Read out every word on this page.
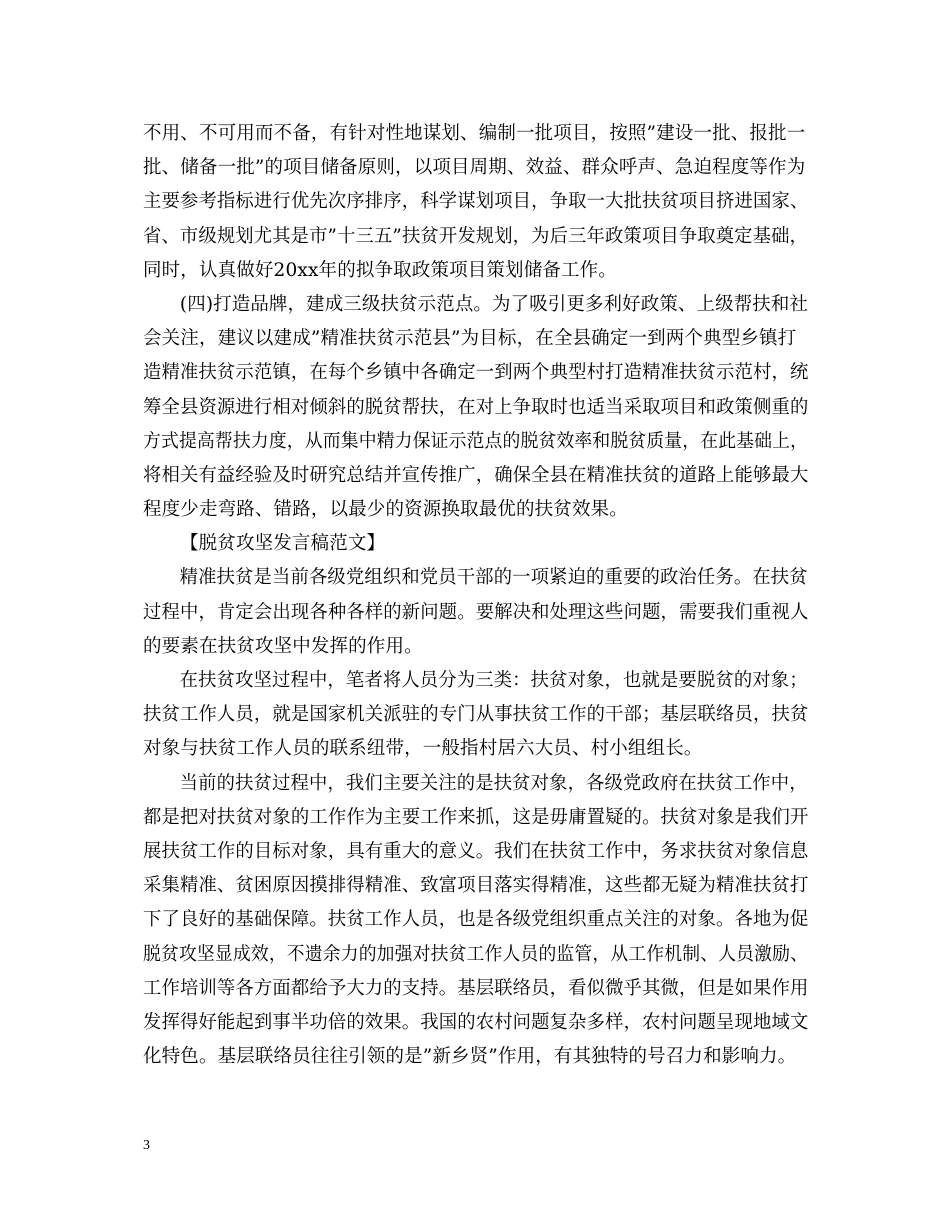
不用、不可用而不备，有针对性地谋划、编制一批项目，按照”建设一批、报批一
批、储备一批”的项目储备原则，以项目周期、效益、群众呼声、急迫程度等作为
主要参考指标进行优先次序排序，科学谋划项目，争取一大批扶贫项目挤进国家、
省、市级规划尤其是市”十三五”扶贫开发规划，为后三年政策项目争取奠定基础，
同时，认真做好20xx年的拟争取政策项目策划储备工作。
(四)打造品牌，建成三级扶贫示范点。为了吸引更多利好政策、上级帮扶和社
会关注，建议以建成”精准扶贫示范县”为目标，在全县确定一到两个典型乡镇打
造精准扶贫示范镇，在每个乡镇中各确定一到两个典型村打造精准扶贫示范村，统
筹全县资源进行相对倾斜的脱贫帮扶，在对上争取时也适当采取项目和政策侧重的
方式提高帮扶力度，从而集中精力保证示范点的脱贫效率和脱贫质量，在此基础上，
将相关有益经验及时研究总结并宣传推广，确保全县在精准扶贫的道路上能够最大
程度少走弯路、错路，以最少的资源换取最优的扶贫效果。
【脱贫攻坚发言稿范文】
精准扶贫是当前各级党组织和党员干部的一项紧迫的重要的政治任务。在扶贫
过程中，肯定会出现各种各样的新问题。要解决和处理这些问题，需要我们重视人
的要素在扶贫攻坚中发挥的作用。
在扶贫攻坚过程中，笔者将人员分为三类：扶贫对象，也就是要脱贫的对象；
扶贫工作人员，就是国家机关派驻的专门从事扶贫工作的干部；基层联络员，扶贫
对象与扶贫工作人员的联系纽带，一般指村居六大员、村小组组长。
当前的扶贫过程中，我们主要关注的是扶贫对象，各级党政府在扶贫工作中，
都是把对扶贫对象的工作作为主要工作来抓，这是毋庸置疑的。扶贫对象是我们开
展扶贫工作的目标对象，具有重大的意义。我们在扶贫工作中，务求扶贫对象信息
采集精准、贫困原因摸排得精准、致富项目落实得精准，这些都无疑为精准扶贫打
下了良好的基础保障。扶贫工作人员，也是各级党组织重点关注的对象。各地为促
脱贫攻坚显成效，不遗余力的加强对扶贫工作人员的监管，从工作机制、人员激励、
工作培训等各方面都给予大力的支持。基层联络员，看似微乎其微，但是如果作用
发挥得好能起到事半功倍的效果。我国的农村问题复杂多样，农村问题呈现地域文
化特色。基层联络员往往引领的是”新乡贤”作用，有其独特的号召力和影响力。
3
